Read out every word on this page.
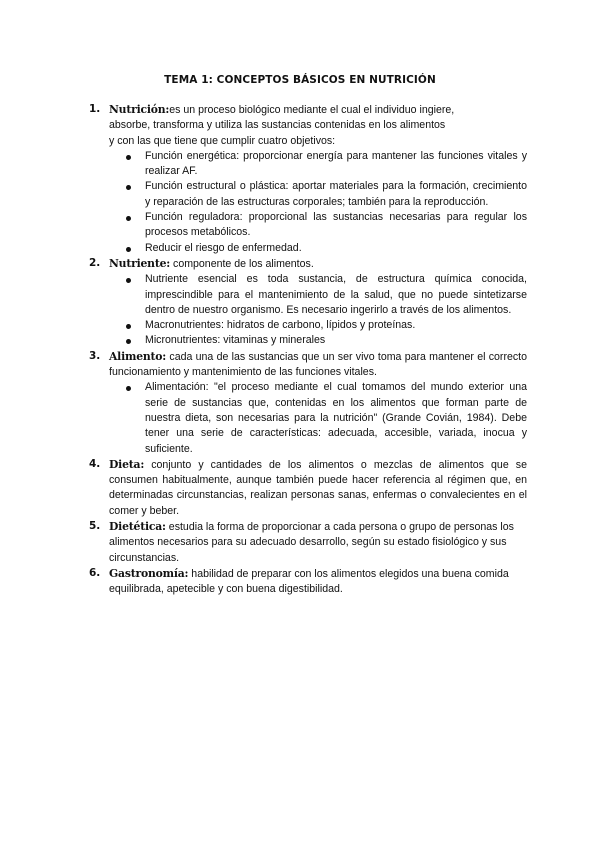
TEMA 1: CONCEPTOS BÁSICOS EN NUTRICIÓN
1. Nutrición:es un proceso biológico mediante el cual el individuo ingiere,
absorbe, transforma y utiliza las sustancias contenidas en los alimentos
y con las que tiene que cumplir cuatro objetivos:
Función energética: proporcionar energía para mantener las funciones vitales y realizar AF.
Función estructural o plástica: aportar materiales para la formación, crecimiento y reparación de las estructuras corporales; también para la reproducción.
Función reguladora: proporcional las sustancias necesarias para regular los procesos metabólicos.
Reducir el riesgo de enfermedad.
2. Nutriente: componente de los alimentos.
Nutriente esencial es toda sustancia, de estructura química conocida, imprescindible para el mantenimiento de la salud, que no puede sintetizarse dentro de nuestro organismo. Es necesario ingerirlo a través de los alimentos.
Macronutrientes: hidratos de carbono, lípidos y proteínas.
Micronutrientes: vitaminas y minerales
3. Alimento: cada una de las sustancias que un ser vivo toma para mantener el correcto funcionamiento y mantenimiento de las funciones vitales.
Alimentación: "el proceso mediante el cual tomamos del mundo exterior una serie de sustancias que, contenidas en los alimentos que forman parte de nuestra dieta, son necesarias para la nutrición" (Grande Covián, 1984). Debe tener una serie de características: adecuada, accesible, variada, inocua y suficiente.
4. Dieta: conjunto y cantidades de los alimentos o mezclas de alimentos que se consumen habitualmente, aunque también puede hacer referencia al régimen que, en determinadas circunstancias, realizan personas sanas, enfermas o convalecientes en el comer y beber.
5. Dietética: estudia la forma de proporcionar a cada persona o grupo de personas los alimentos necesarios para su adecuado desarrollo, según su estado fisiológico y sus circunstancias.
6. Gastronomía: habilidad de preparar con los alimentos elegidos una buena comida equilibrada, apetecible y con buena digestibilidad.
